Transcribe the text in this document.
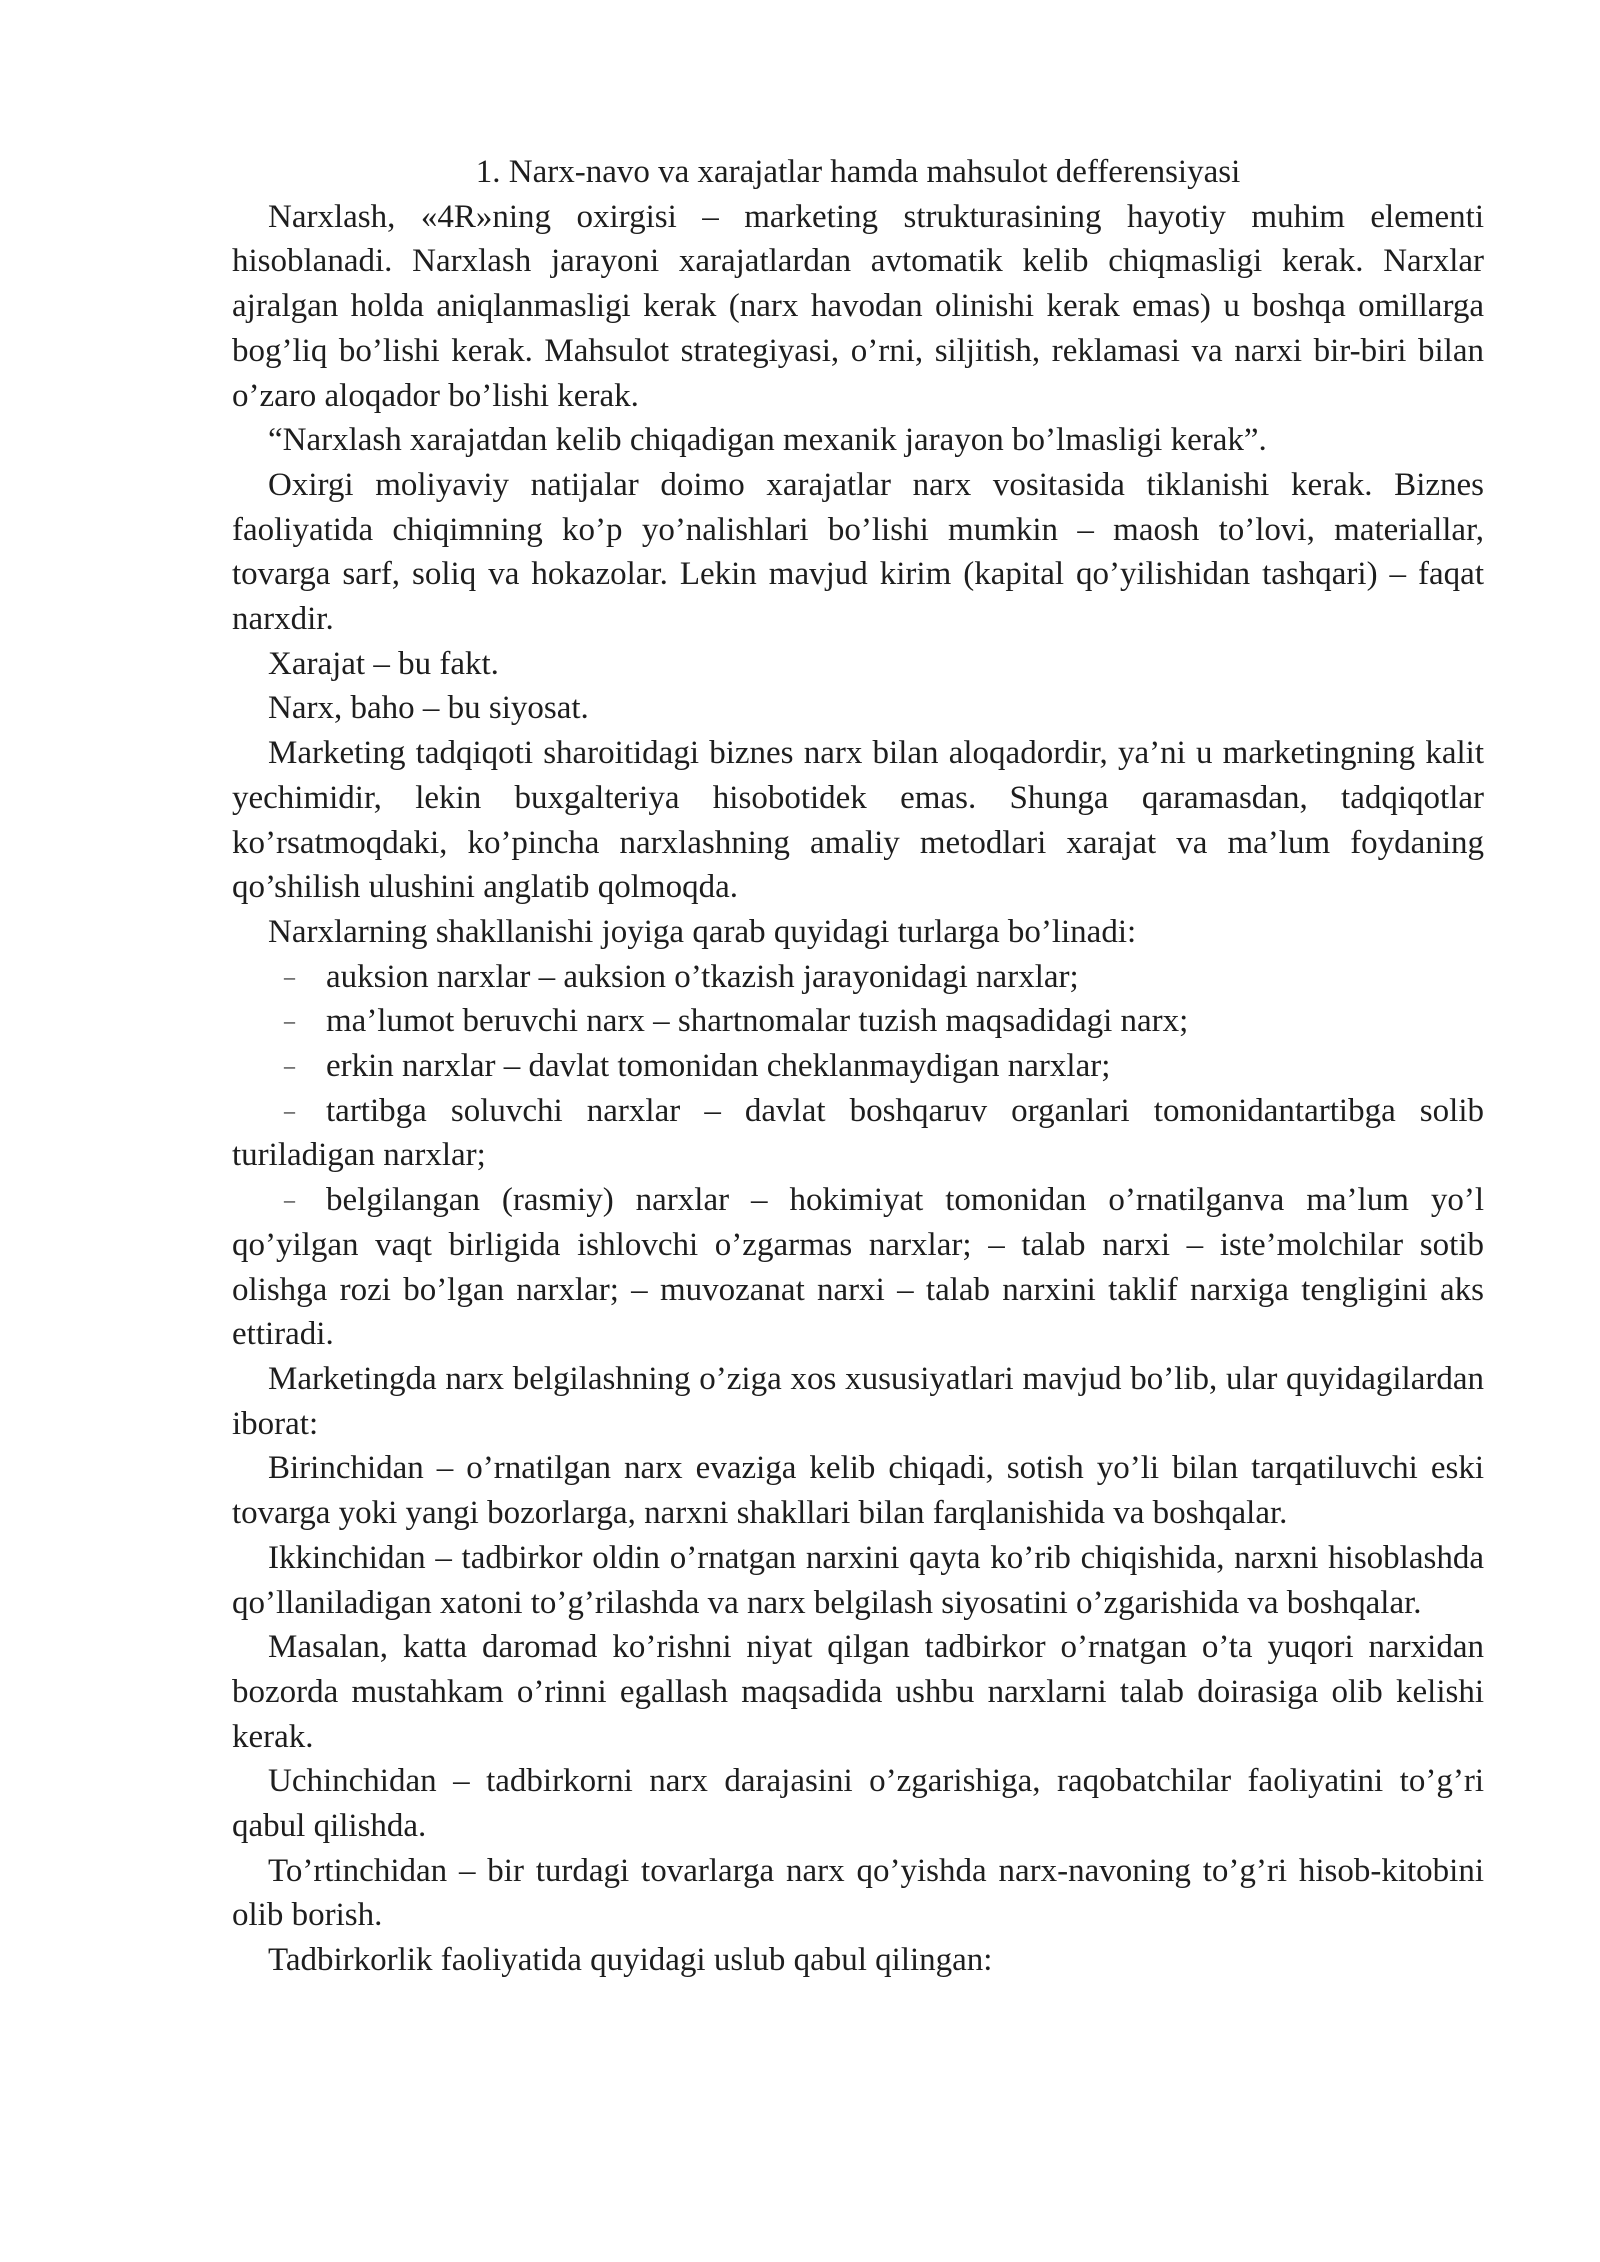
1. Narx-navo va xarajatlar hamda mahsulot defferensiyasi

Narxlash, «4R»ning oxirgisi – marketing strukturasining hayotiy muhim elementi hisoblanadi. Narxlash jarayoni xarajatlardan avtomatik kelib chiqmasligi kerak. Narxlar ajralgan holda aniqlanmasligi kerak (narx havodan olinishi kerak emas) u boshqa omillarga bog’liq bo’lishi kerak. Mahsulot strategiyasi, o’rni, siljitish, reklamasi va narxi bir-biri bilan o’zaro aloqador bo’lishi kerak.

“Narxlash xarajatdan kelib chiqadigan mexanik jarayon bo’lmasligi kerak”.

Oxirgi moliyaviy natijalar doimo xarajatlar narx vositasida tiklanishi kerak. Biznes faoliyatida chiqimning ko’p yo’nalishlari bo’lishi mumkin – maosh to’lovi, materiallar, tovarga sarf, soliq va hokazolar. Lekin mavjud kirim (kapital qo’yilishidan tashqari) – faqat narxdir.

Xarajat – bu fakt.

Narx, baho – bu siyosat.

Marketing tadqiqoti sharoitidagi biznes narx bilan aloqadordir, ya’ni u marketingning kalit yechimidir, lekin buxgalteriya hisobotidek emas. Shunga qaramasdan, tadqiqotlar ko’rsatmoqdaki, ko’pincha narxlashning amaliy metodlari xarajat va ma’lum foydaning qo’shilish ulushini anglatib qolmoqda.

Narxlarning shakllanishi joyiga qarab quyidagi turlarga bo’linadi:

– auksion narxlar – auksion o’tkazish jarayonidagi narxlar;
– ma’lumot beruvchi narx – shartnomalar tuzish maqsadidagi narx;
– erkin narxlar – davlat tomonidan cheklanmaydigan narxlar;
– tartibga soluvchi narxlar – davlat boshqaruv organlari tomonidantartibga solib turiladigan narxlar;
– belgilangan (rasmiy) narxlar – hokimiyat tomonidan o’rnatilganva ma’lum yo’l qo’yilgan vaqt birligida ishlovchi o’zgarmas narxlar; – talab narxi – iste’molchilar sotib olishga rozi bo’lgan narxlar; – muvozanat narxi – talab narxini taklif narxiga tengligini aks ettiradi.

Marketingda narx belgilashning o’ziga xos xususiyatlari mavjud bo’lib, ular quyidagilardan iborat:

Birinchidan – o’rnatilgan narx evaziga kelib chiqadi, sotish yo’li bilan tarqatiluvchi eski tovarga yoki yangi bozorlarga, narxni shakllari bilan farqlanishida va boshqalar.

Ikkinchidan – tadbirkor oldin o’rnatgan narxini qayta ko’rib chiqishida, narxni hisoblashda qo’llaniladigan xatoni to’g’rilashda va narx belgilash siyosatini o’zgarishida va boshqalar.

Masalan, katta daromad ko’rishni niyat qilgan tadbirkor o’rnatgan o’ta yuqori narxidan bozorda mustahkam o’rinni egallash maqsadida ushbu narxlarni talab doirasiga olib kelishi kerak.

Uchinchidan – tadbirkorni narx darajasini o’zgarishiga, raqobatchilar faoliyatini to’g’ri qabul qilishda.

To’rtinchidan – bir turdagi tovarlarga narx qo’yishda narx-navoning to’g’ri hisob-kitobini olib borish.

Tadbirkorlik faoliyatida quyidagi uslub qabul qilingan:
